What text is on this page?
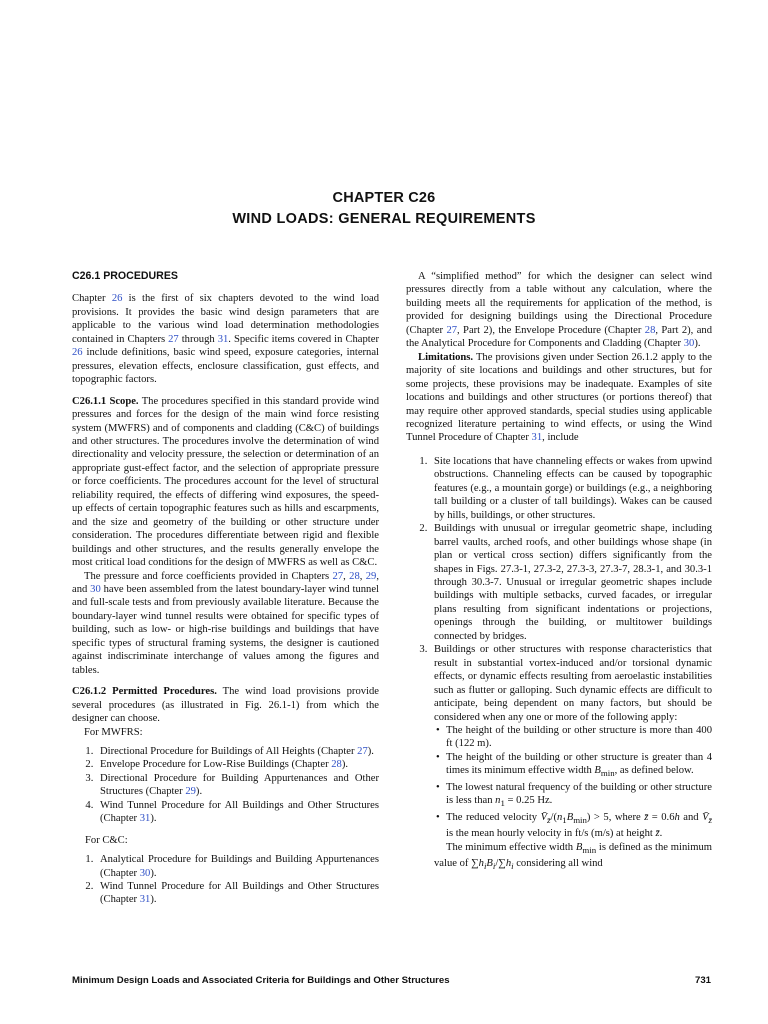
CHAPTER C26
WIND LOADS: GENERAL REQUIREMENTS
C26.1 PROCEDURES

Chapter 26 is the first of six chapters devoted to the wind load provisions. It provides the basic wind design parameters that are applicable to the various wind load determination methodologies contained in Chapters 27 through 31. Specific items covered in Chapter 26 include definitions, basic wind speed, exposure categories, internal pressures, elevation effects, enclosure classification, gust effects, and topographic factors.

C26.1.1 Scope. The procedures specified in this standard provide wind pressures and forces for the design of the main wind force resisting system (MWFRS) and of components and cladding (C&C) of buildings and other structures. The procedures involve the determination of wind directionality and velocity pressure, the selection or determination of an appropriate gust-effect factor, and the selection of appropriate pressure or force coefficients. The procedures account for the level of structural reliability required, the effects of differing wind exposures, the speed-up effects of certain topographic features such as hills and escarpments, and the size and geometry of the building or other structure under consideration. The procedures differentiate between rigid and flexible buildings and other structures, and the results generally envelope the most critical load conditions for the design of MWFRS as well as C&C.

The pressure and force coefficients provided in Chapters 27, 28, 29, and 30 have been assembled from the latest boundary-layer wind tunnel and full-scale tests and from previously available literature. Because the boundary-layer wind tunnel results were obtained for specific types of building, such as low- or high-rise buildings and buildings that have specific types of structural framing systems, the designer is cautioned against indiscriminate interchange of values among the figures and tables.

C26.1.2 Permitted Procedures. The wind load provisions provide several procedures (as illustrated in Fig. 26.1-1) from which the designer can choose.

For MWFRS:

1. Directional Procedure for Buildings of All Heights (Chapter 27).
2. Envelope Procedure for Low-Rise Buildings (Chapter 28).
3. Directional Procedure for Building Appurtenances and Other Structures (Chapter 29).
4. Wind Tunnel Procedure for All Buildings and Other Structures (Chapter 31).

For C&C:

1. Analytical Procedure for Buildings and Building Appurtenances (Chapter 30).
2. Wind Tunnel Procedure for All Buildings and Other Structures (Chapter 31).

A “simplified method” for which the designer can select wind pressures directly from a table without any calculation, where the building meets all the requirements for application of the method, is provided for designing buildings using the Directional Procedure (Chapter 27, Part 2), the Envelope Procedure (Chapter 28, Part 2), and the Analytical Procedure for Components and Cladding (Chapter 30).

Limitations. The provisions given under Section 26.1.2 apply to the majority of site locations and buildings and other structures, but for some projects, these provisions may be inadequate. Examples of site locations and buildings and other structures (or portions thereof) that may require other approved standards, special studies using applicable recognized literature pertaining to wind effects, or using the Wind Tunnel Procedure of Chapter 31, include

1. Site locations that have channeling effects or wakes from upwind obstructions. Channeling effects can be caused by topographic features (e.g., a mountain gorge) or buildings (e.g., a neighboring tall building or a cluster of tall buildings). Wakes can be caused by hills, buildings, or other structures.
2. Buildings with unusual or irregular geometric shape, including barrel vaults, arched roofs, and other buildings whose shape (in plan or vertical cross section) differs significantly from the shapes in Figs. 27.3-1, 27.3-2, 27.3-3, 27.3-7, 28.3-1, and 30.3-1 through 30.3-7. Unusual or irregular geometric shapes include buildings with multiple setbacks, curved facades, or irregular plans resulting from significant indentations or projections, openings through the building, or multitower buildings connected by bridges.
3. Buildings or other structures with response characteristics that result in substantial vortex-induced and/or torsional dynamic effects, or dynamic effects resulting from aeroelastic instabilities such as flutter or galloping. Such dynamic effects are difficult to anticipate, being dependent on many factors, but should be considered when any one or more of the following apply:
• The height of the building or other structure is more than 400 ft (122 m).
• The height of the building or other structure is greater than 4 times its minimum effective width $B_{min}$, as defined below.
• The lowest natural frequency of the building or other structure is less than $n_1 = 0.25$ Hz.
• The reduced velocity $V̄_{z̄}/(n_1B_{min}) > 5$, where z̄ = 0.6h and $V̄_{z̄}$ is the mean hourly velocity in ft/s (m/s) at height z̄.

The minimum effective width $B_{min}$ is defined as the minimum value of $\sum h_iB_i/\sum h_i$ considering all wind

Minimum Design Loads and Associated Criteria for Buildings and Other Structures	731
